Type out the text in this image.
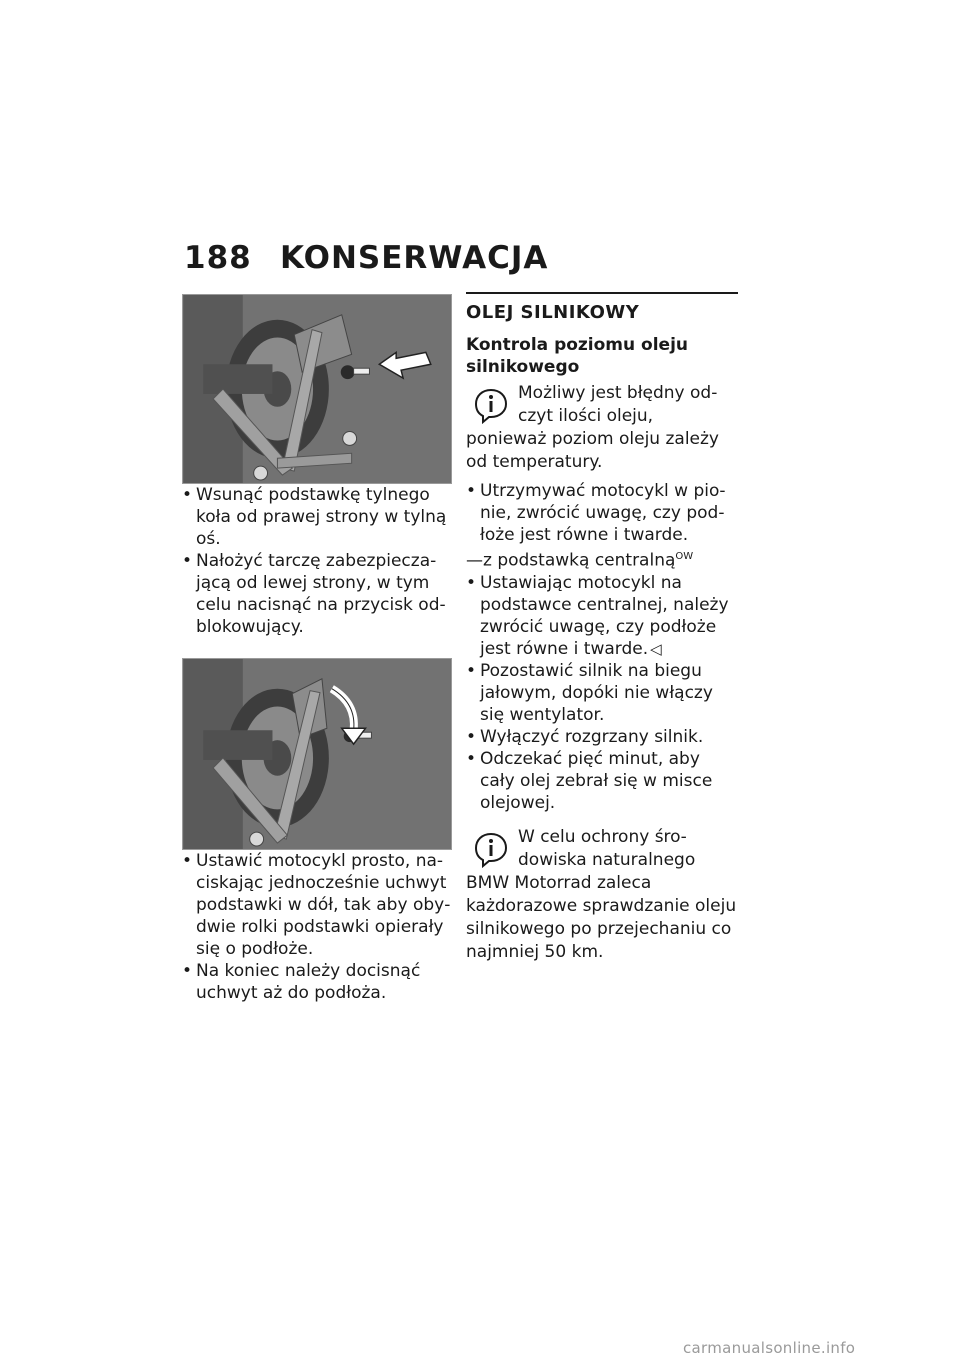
188 KONSERWACJA
• Wsunąć podstawkę tylnego koła od prawej strony w tylną oś.
• Nałożyć tarczę zabezpieczającą od lewej strony, w tym celu nacisnąć na przycisk odblokowujący.
• Ustawić motocykl prosto, naciskając jednocześnie uchwyt podstawki w dół, tak aby obydwie rolki podstawki opierały się o podłoże.
• Na koniec należy docisnąć uchwyt aż do podłoża.
OLEJ SILNIKOWY
Kontrola poziomu oleju silnikowego

Możliwy jest błędny odczyt ilości oleju, ponieważ poziom oleju zależy od temperatury.

• Utrzymywać motocykl w pionie, zwrócić uwagę, czy podłoże jest równe i twarde.
—z podstawką centralną$^{OW}$
• Ustawiając motocykl na podstawce centralnej, należy zwrócić uwagę, czy podłoże jest równe i twarde. ◁
• Pozostawić silnik na biegu jałowym, dopóki nie włączy się wentylator.
• Wyłączyć rozgrzany silnik.
• Odczekać pięć minut, aby cały olej zebrał się w misce olejowej.

W celu ochrony środowiska naturalnego BMW Motorrad zaleca każdorazowe sprawdzanie oleju silnikowego po przejechaniu co najmniej 50 km.

carmanualsonline.info
